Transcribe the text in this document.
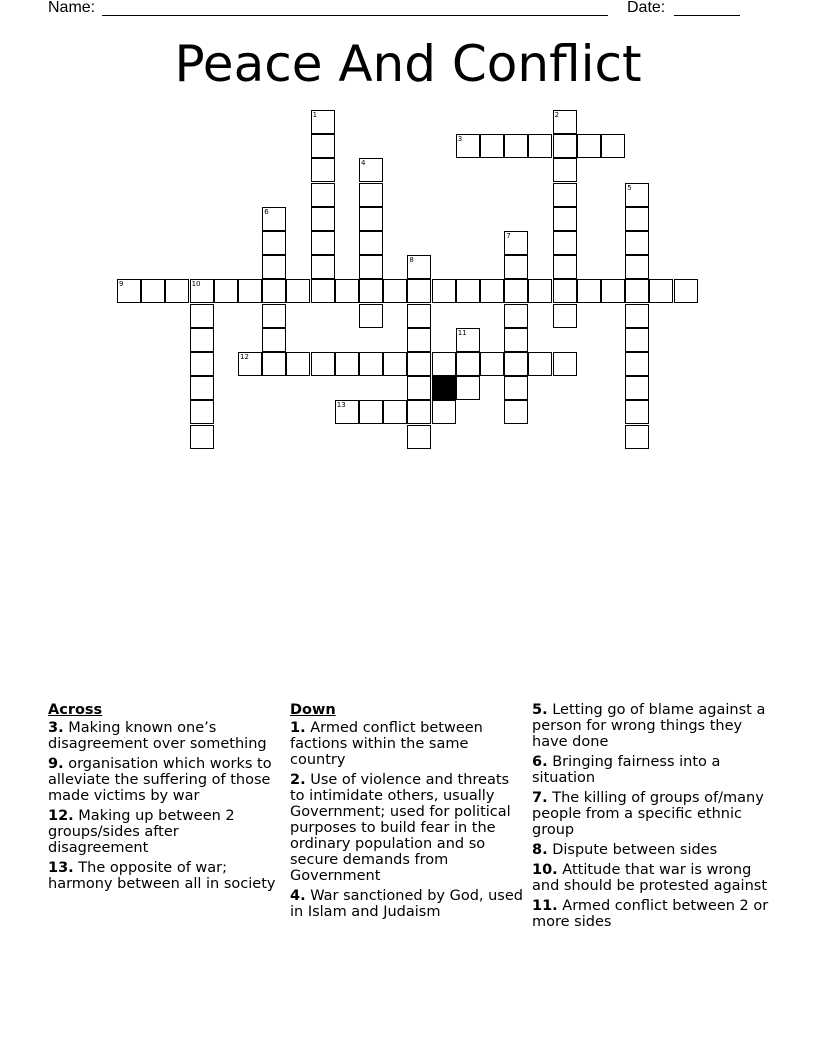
Name:	Date:
Peace And Conflict
1	2
3
4
5
6
7
8
9	10
11
12
13
Across
3. Making known one’s disagreement over something
9. organisation which works to alleviate the suffering of those made victims by war
12. Making up between 2 groups/sides after disagreement
13. The opposite of war; harmony between all in society
Down
1. Armed conflict between factions within the same country
2. Use of violence and threats to intimidate others, usually Government; used for political purposes to build fear in the ordinary population and so secure demands from Government
4. War sanctioned by God, used in Islam and Judaism
5. Letting go of blame against a person for wrong things they have done
6. Bringing fairness into a situation
7. The killing of groups of/many people from a specific ethnic group
8. Dispute between sides
10. Attitude that war is wrong and should be protested against
11. Armed conflict between 2 or more sides
